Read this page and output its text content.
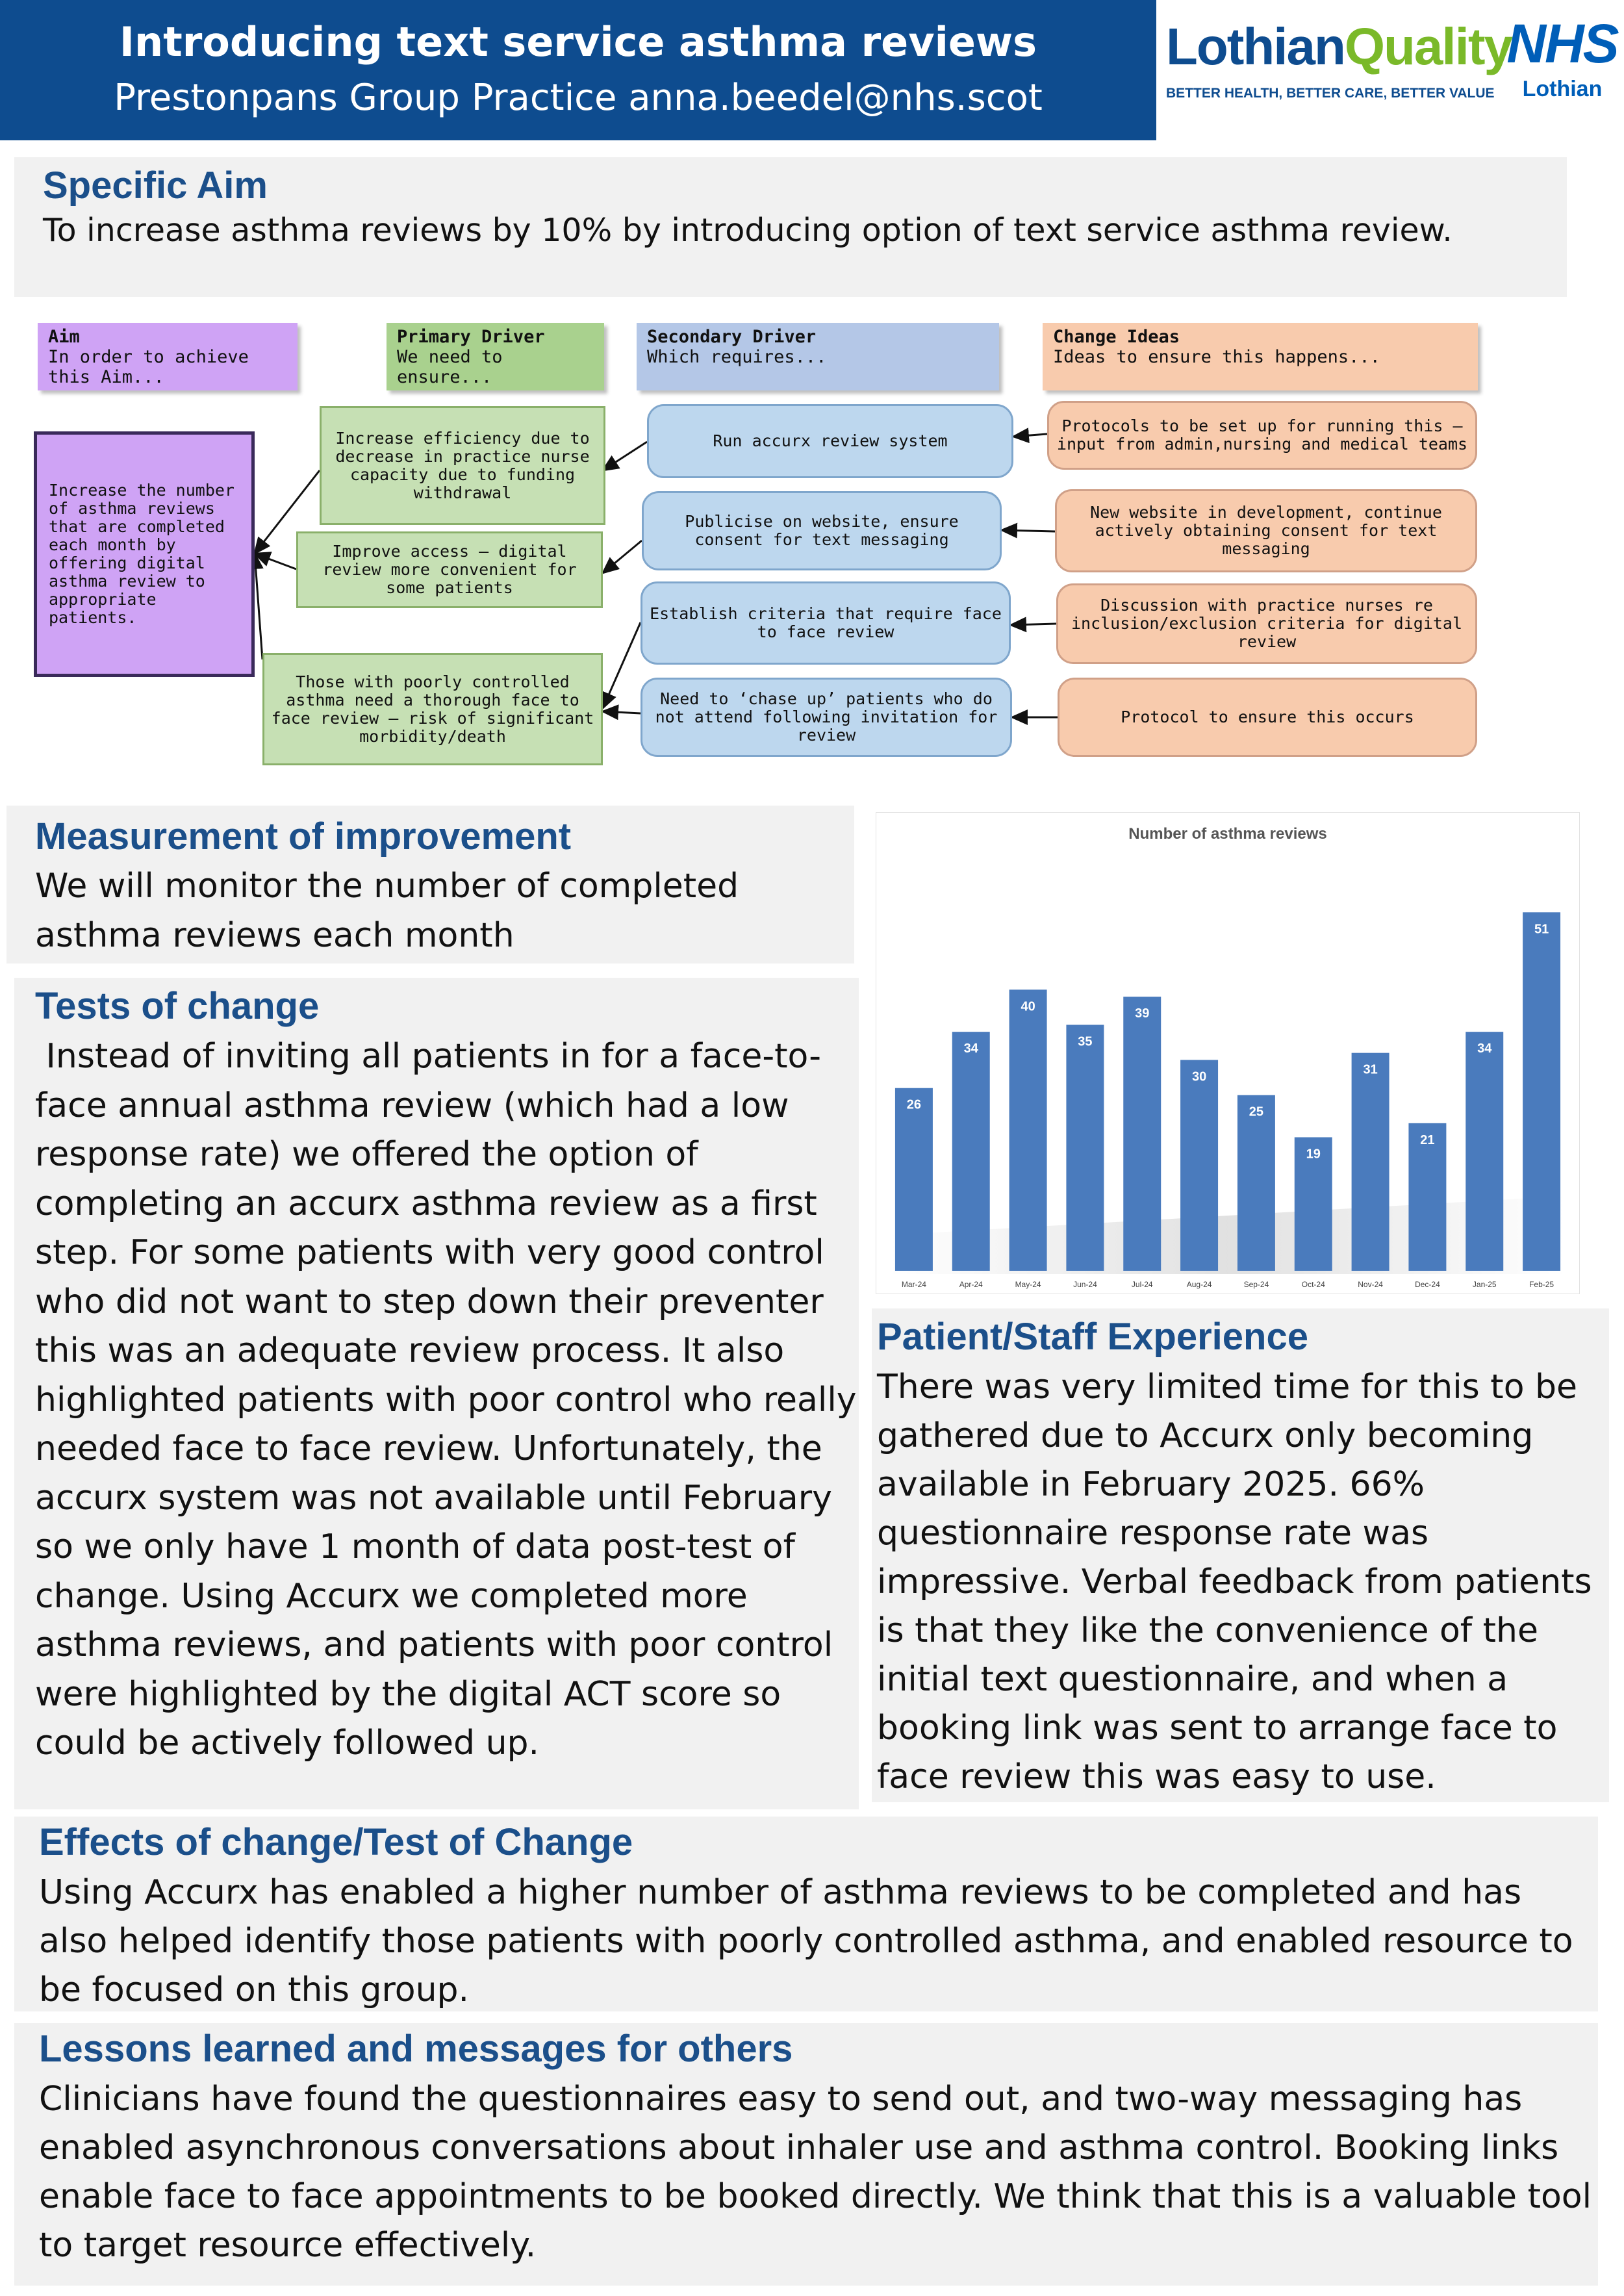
Introducing text service asthma reviews
Prestonpans Group Practice anna.beedel@nhs.scot
LothianQuality
BETTER HEALTH, BETTER CARE, BETTER VALUE
NHS
Lothian
Specific Aim
To increase asthma reviews by 10% by introducing option of text service asthma review.
Aim
In order to achieve this Aim...
Primary Driver
We need to ensure...
Secondary Driver
Which requires...
Change Ideas
Ideas to ensure this happens...
Increase the number of asthma reviews that are completed each month by offering digital asthma review to appropriate patients.
Increase efficiency due to decrease in practice nurse capacity due to funding withdrawal
Improve access – digital review more convenient for some patients
Those with poorly controlled asthma need a thorough face to face review – risk of significant morbidity/death
Run accurx review system
Publicise on website, ensure consent for text messaging
Establish criteria that require face to face review
Need to ‘chase up’ patients who do not attend following invitation for review
Protocols to be set up for running this – input from admin,nursing and medical teams
New website in development, continue actively obtaining consent for text messaging
Discussion with practice nurses re inclusion/exclusion criteria for digital review
Protocol to ensure this occurs
Measurement of improvement
We will monitor the number of completed asthma reviews each month
Tests of change
Instead of inviting all patients in for a face-to-face annual asthma review (which had a low response rate) we offered the option of completing an accurx asthma review as a first step. For some patients with very good control who did not want to step down their preventer this was an adequate review process. It also highlighted patients with poor control who really needed face to face review. Unfortunately, the accurx system was not available until February so we only have 1 month of data post-test of change. Using Accurx we completed more asthma reviews, and patients with poor control were highlighted by the digital ACT score so could be actively followed up.
Number of asthma reviews
26
34
40
35
39
30
25
19
31
21
34
51
Mar-24	Apr-24	May-24	Jun-24	Jul-24	Aug-24	Sep-24	Oct-24	Nov-24	Dec-24	Jan-25	Feb-25
Patient/Staff Experience
There was very limited time for this to be gathered due to Accurx only becoming available in February 2025. 66% questionnaire response rate was impressive. Verbal feedback from patients is that they like the convenience of the initial text questionnaire, and when a booking link was sent to arrange face to face review this was easy to use.
Effects of change/Test of Change
Using Accurx has enabled a higher number of asthma reviews to be completed and has also helped identify those patients with poorly controlled asthma, and enabled resource to be focused on this group.
Lessons learned and messages for others
Clinicians have found the questionnaires easy to send out, and two-way messaging has enabled asynchronous conversations about inhaler use and asthma control. Booking links enable face to face appointments to be booked directly. We think that this is a valuable tool to target resource effectively.
